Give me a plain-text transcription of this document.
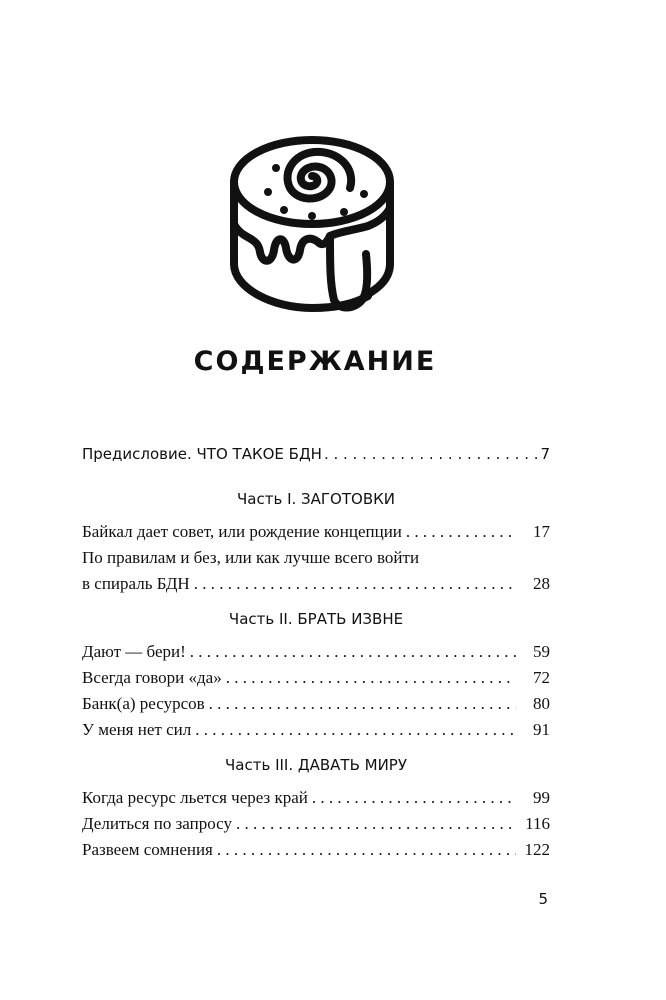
СОДЕРЖАНИЕ
Предисловие. ЧТО ТАКОЕ БДН . . .	7
Часть I. ЗАГОТОВКИ
Байкал дает совет, или рождение концепции . . .	17
По правилам и без, или как лучше всего войти
в спираль БДН . . .	28
Часть II. БРАТЬ ИЗВНЕ
Дают — бери! . . .	59
Всегда говори «да» . . .	72
Банк(а) ресурсов . . .	80
У меня нет сил . . .	91
Часть III. ДАВАТЬ МИРУ
Когда ресурс льется через край . . .	99
Делиться по запросу . . .	116
Развеем сомнения . . .	122
5
